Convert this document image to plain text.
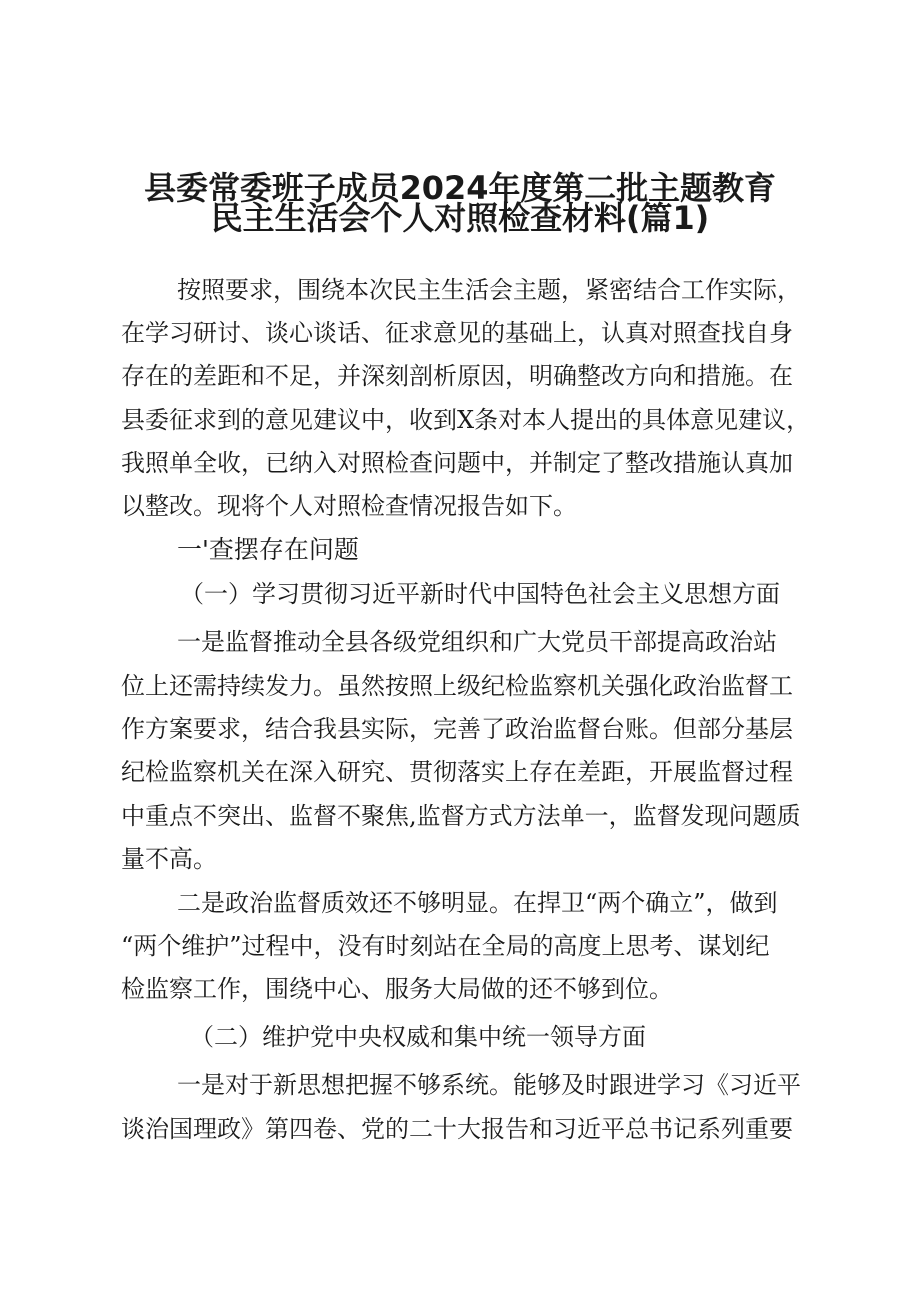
县委常委班子成员2024年度第二批主题教育
民主生活会个人对照检查材料(篇1)
按照要求，围绕本次民主生活会主题，紧密结合工作实际，
在学习研讨、谈心谈话、征求意见的基础上，认真对照查找自身
存在的差距和不足，并深刻剖析原因，明确整改方向和措施。在
县委征求到的意见建议中，收到X条对本人提出的具体意见建议，
我照单全收，已纳入对照检查问题中，并制定了整改措施认真加
以整改。现将个人对照检查情况报告如下。
一'查摆存在问题
（一）学习贯彻习近平新时代中国特色社会主义思想方面
一是监督推动全县各级党组织和广大党员干部提高政治站
位上还需持续发力。虽然按照上级纪检监察机关强化政治监督工
作方案要求，结合我县实际，完善了政治监督台账。但部分基层
纪检监察机关在深入研究、贯彻落实上存在差距，开展监督过程
中重点不突出、监督不聚焦,监督方式方法单一，监督发现问题质
量不高。
二是政治监督质效还不够明显。在捍卫“两个确立”，做到
“两个维护”过程中，没有时刻站在全局的高度上思考、谋划纪
检监察工作，围绕中心、服务大局做的还不够到位。
（二）维护党中央权威和集中统一领导方面
一是对于新思想把握不够系统。能够及时跟进学习《习近平
谈治国理政》第四卷、党的二十大报告和习近平总书记系列重要
